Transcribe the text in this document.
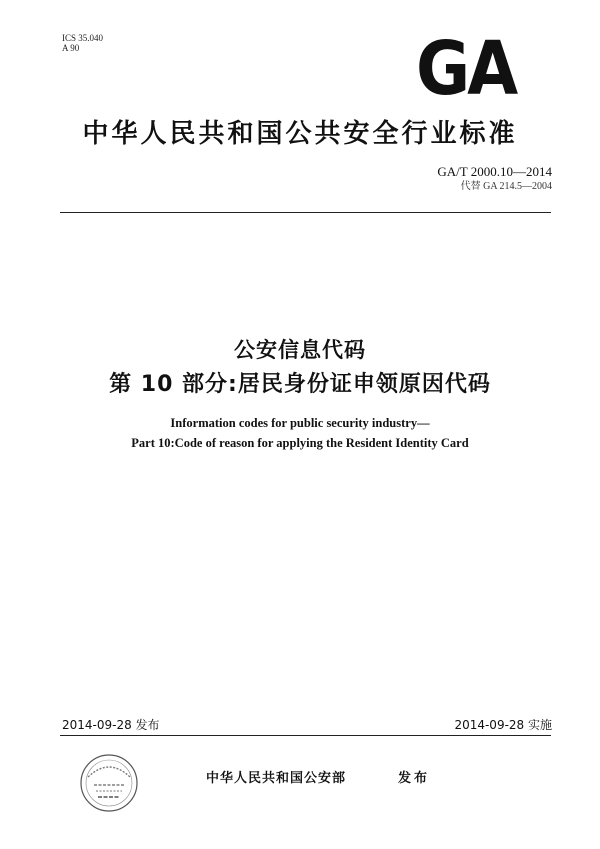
ICS 35.040
A 90	GA
中华人民共和国公共安全行业标准
GA/T 2000.10—2014
代替 GA 214.5—2004
公安信息代码
第 10 部分:居民身份证申领原因代码
Information codes for public security industry—
Part 10:Code of reason for applying the Resident Identity Card
2014-09-28 发布	2014-09-28 实施
中华人民共和国公安部	发布
